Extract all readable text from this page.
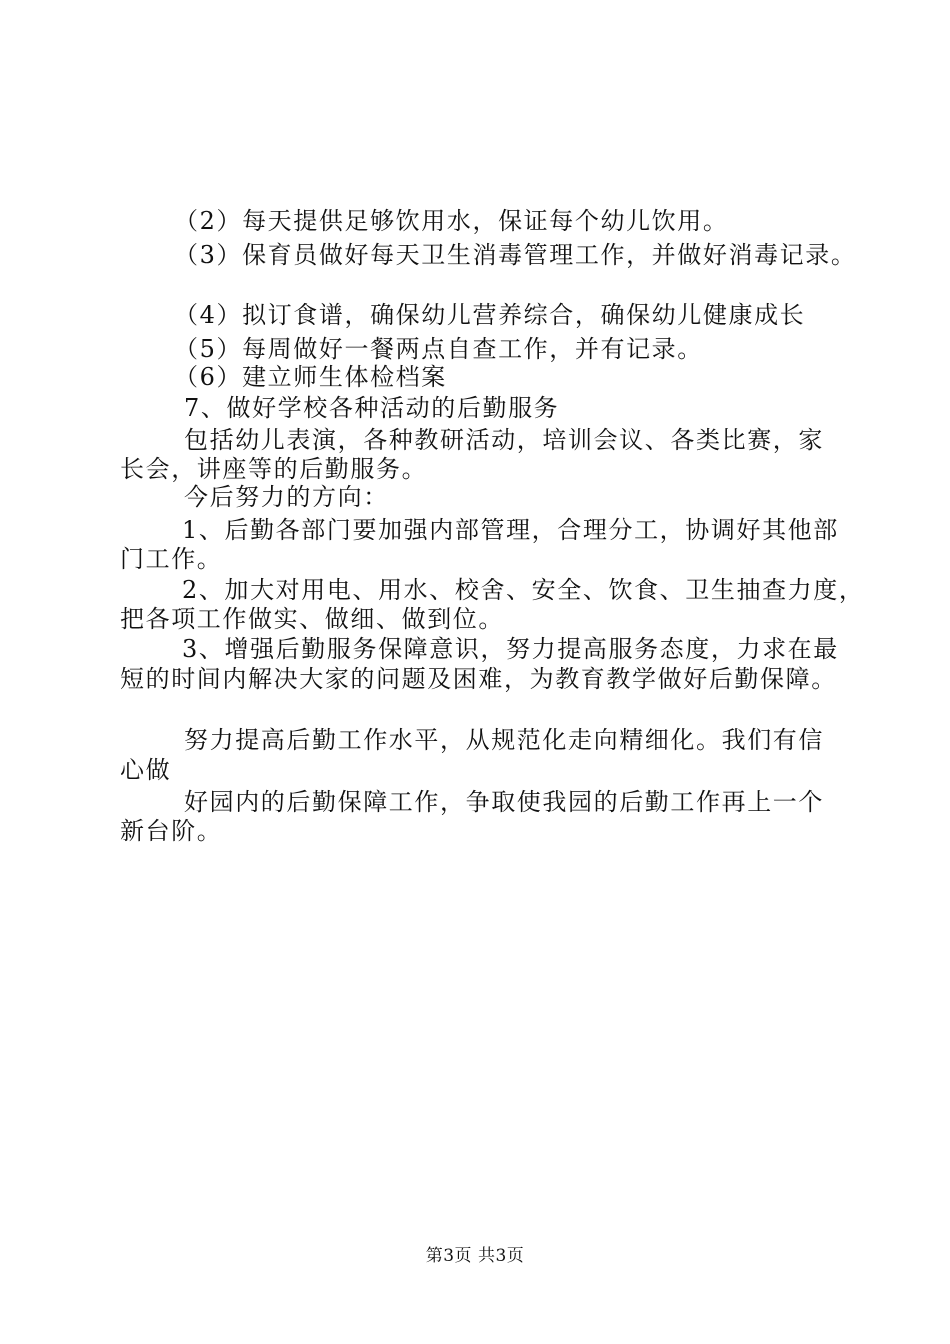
（2）每天提供足够饮用水，保证每个幼儿饮用。
（3）保育员做好每天卫生消毒管理工作，并做好消毒记录。
（4）拟订食谱，确保幼儿营养综合，确保幼儿健康成长
（5）每周做好一餐两点自查工作，并有记录。
（6）建立师生体检档案
7、做好学校各种活动的后勤服务
包括幼儿表演，各种教研活动，培训会议、各类比赛，家
长会，讲座等的后勤服务。
今后努力的方向：
1、后勤各部门要加强内部管理，合理分工，协调好其他部
门工作。
2、加大对用电、用水、校舍、安全、饮食、卫生抽查力度，
把各项工作做实、做细、做到位。
3、增强后勤服务保障意识，努力提高服务态度，力求在最
短的时间内解决大家的问题及困难，为教育教学做好后勤保障。
努力提高后勤工作水平，从规范化走向精细化。我们有信
心做
好园内的后勤保障工作，争取使我园的后勤工作再上一个
新台阶。
第3页 共3页
